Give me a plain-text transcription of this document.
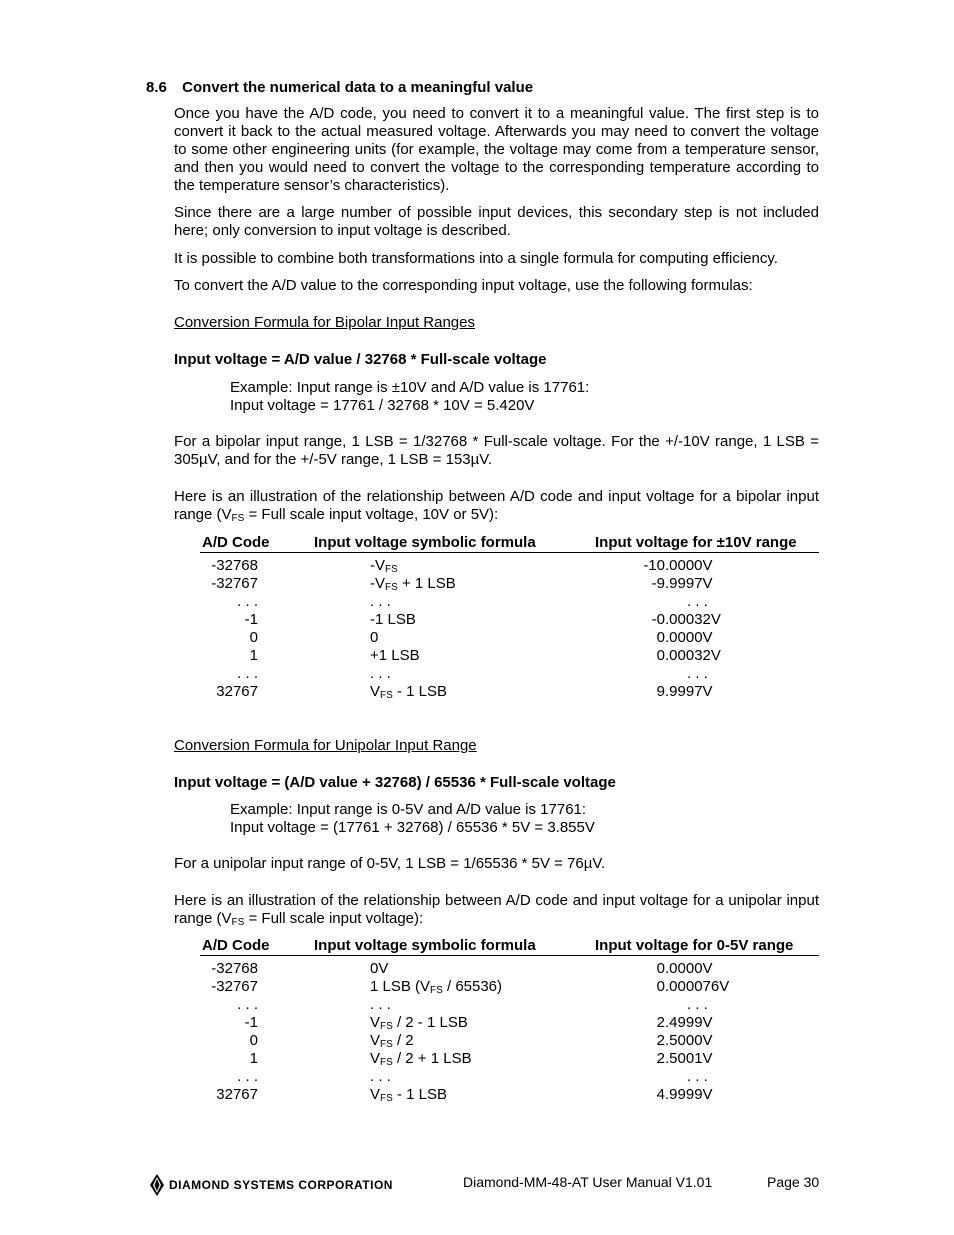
8.6 Convert the numerical data to a meaningful value
Once you have the A/D code, you need to convert it to a meaningful value. The first step is to convert it back to the actual measured voltage. Afterwards you may need to convert the voltage to some other engineering units (for example, the voltage may come from a temperature sensor, and then you would need to convert the voltage to the corresponding temperature according to the temperature sensor’s characteristics).
Since there are a large number of possible input devices, this secondary step is not included here; only conversion to input voltage is described.
It is possible to combine both transformations into a single formula for computing efficiency.
To convert the A/D value to the corresponding input voltage, use the following formulas:
Conversion Formula for Bipolar Input Ranges
Input voltage = A/D value / 32768 * Full-scale voltage
Example: Input range is ±10V and A/D value is 17761:
Input voltage = 17761 / 32768 * 10V = 5.420V
For a bipolar input range, 1 LSB = 1/32768 * Full-scale voltage. For the +/-10V range, 1 LSB = 305µV, and for the +/-5V range, 1 LSB = 153µV.
Here is an illustration of the relationship between A/D code and input voltage for a bipolar input range ($V_{FS}$ = Full scale input voltage, 10V or 5V):
A/D Code	Input voltage symbolic formula	Input voltage for ±10V range
-32768	$-V_{FS}$	-10.0000V
-32767	$-V_{FS} + 1$ LSB	-9.9997V
. . .	. . .	. . .
-1	-1 LSB	-0.00032V
0	0	0.0000V
1	+1 LSB	0.00032V
. . .	. . .	. . .
32767	$V_{FS} - 1$ LSB	9.9997V
Conversion Formula for Unipolar Input Range
Input voltage = (A/D value + 32768) / 65536 * Full-scale voltage
Example: Input range is 0-5V and A/D value is 17761:
Input voltage = (17761 + 32768) / 65536 * 5V = 3.855V
For a unipolar input range of 0-5V, 1 LSB = 1/65536 * 5V = 76µV.
Here is an illustration of the relationship between A/D code and input voltage for a unipolar input range ($V_{FS}$ = Full scale input voltage):
A/D Code	Input voltage symbolic formula	Input voltage for 0-5V range
-32768	0V	0.0000V
-32767	1 LSB $(V_{FS} / 65536)$	0.000076V
. . .	. . .	. . .
-1	$V_{FS} / 2 - 1$ LSB	2.4999V
0	$V_{FS} / 2$	2.5000V
1	$V_{FS} / 2 + 1$ LSB	2.5001V
. . .	. . .	. . .
32767	$V_{FS} - 1$ LSB	4.9999V
DIAMOND SYSTEMS CORPORATION	Diamond-MM-48-AT User Manual V1.01	Page 30
